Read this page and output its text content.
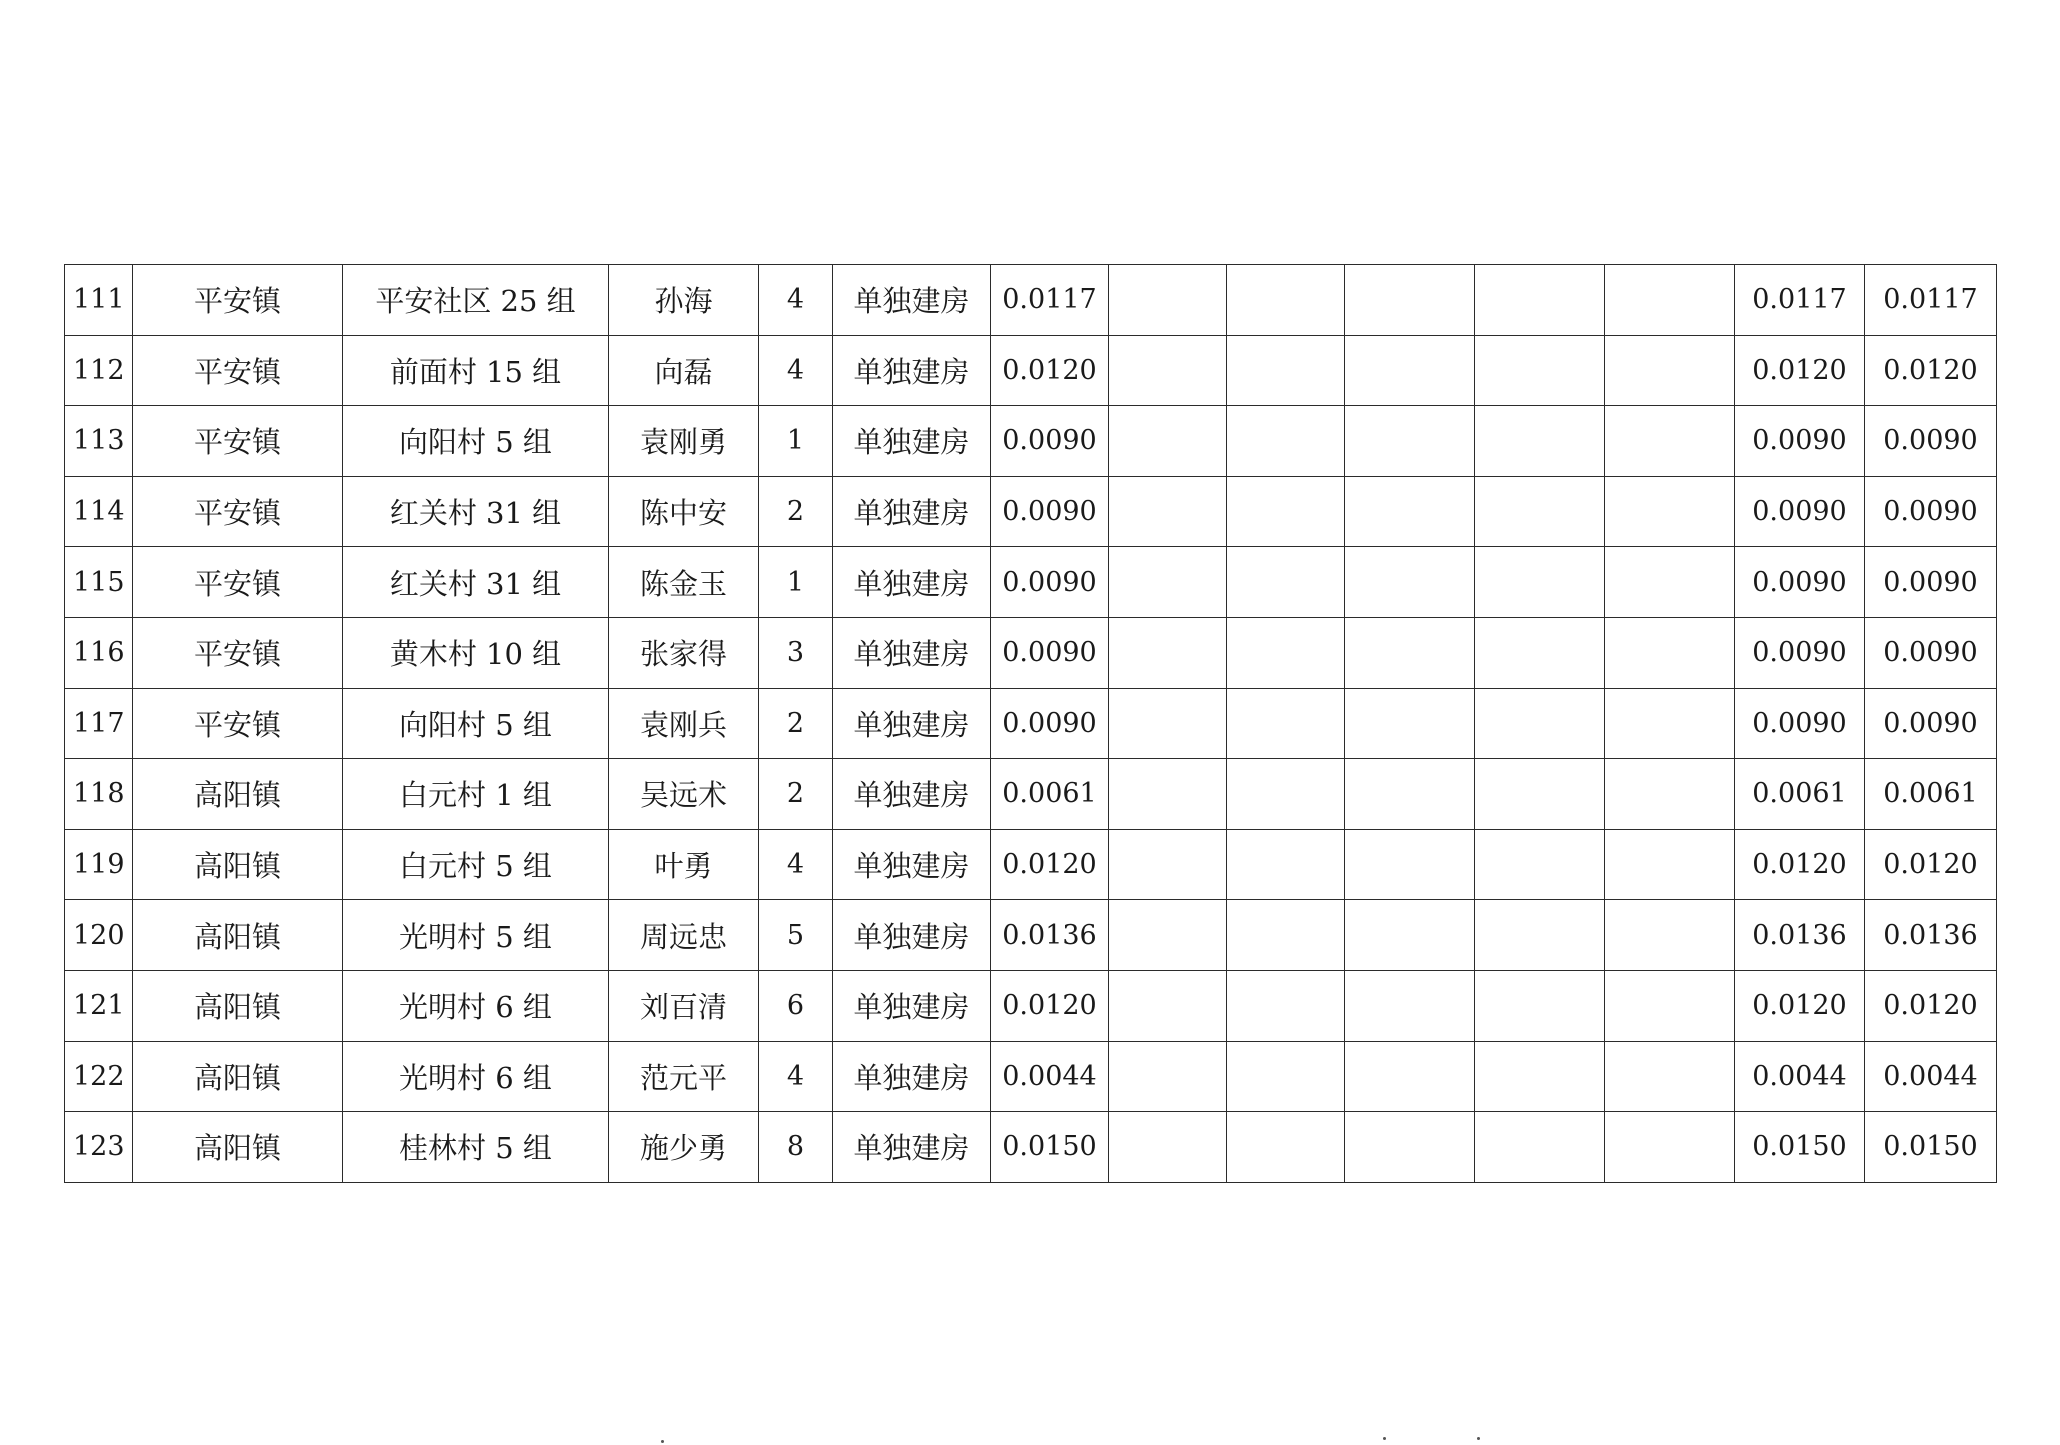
111	平安镇	平安社区 25 组	孙海	4	单独建房	0.0117						0.0117	0.0117
112	平安镇	前面村 15 组	向磊	4	单独建房	0.0120						0.0120	0.0120
113	平安镇	向阳村 5 组	袁刚勇	1	单独建房	0.0090						0.0090	0.0090
114	平安镇	红关村 31 组	陈中安	2	单独建房	0.0090						0.0090	0.0090
115	平安镇	红关村 31 组	陈金玉	1	单独建房	0.0090						0.0090	0.0090
116	平安镇	黄木村 10 组	张家得	3	单独建房	0.0090						0.0090	0.0090
117	平安镇	向阳村 5 组	袁刚兵	2	单独建房	0.0090						0.0090	0.0090
118	高阳镇	白元村 1 组	吴远术	2	单独建房	0.0061						0.0061	0.0061
119	高阳镇	白元村 5 组	叶勇	4	单独建房	0.0120						0.0120	0.0120
120	高阳镇	光明村 5 组	周远忠	5	单独建房	0.0136						0.0136	0.0136
121	高阳镇	光明村 6 组	刘百清	6	单独建房	0.0120						0.0120	0.0120
122	高阳镇	光明村 6 组	范元平	4	单独建房	0.0044						0.0044	0.0044
123	高阳镇	桂林村 5 组	施少勇	8	单独建房	0.0150						0.0150	0.0150
